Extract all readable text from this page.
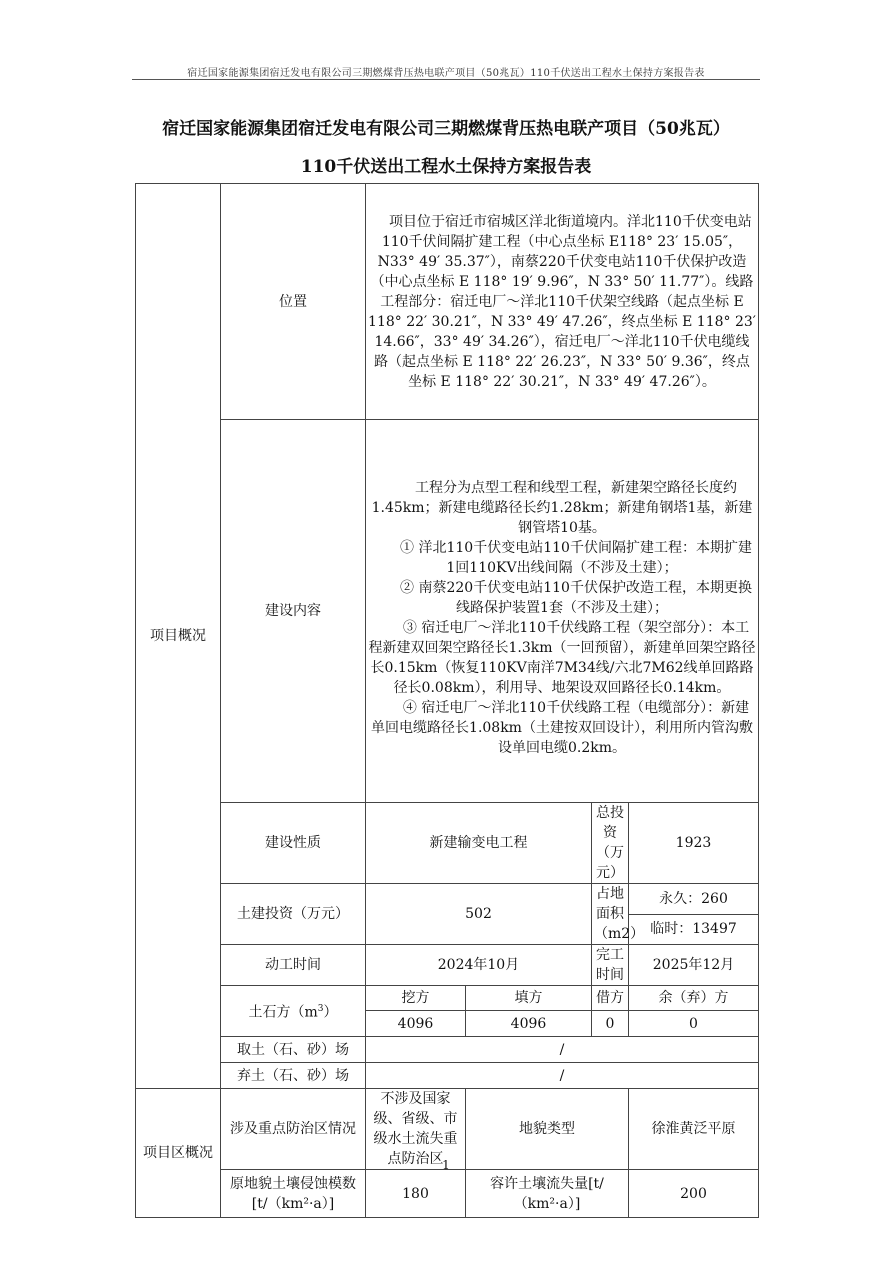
宿迁国家能源集团宿迁发电有限公司三期燃煤背压热电联产项目（50兆瓦）110千伏送出工程水土保持方案报告表
宿迁国家能源集团宿迁发电有限公司三期燃煤背压热电联产项目（50兆瓦）
110千伏送出工程水土保持方案报告表
项目概况	位置	项目位于宿迁市宿城区洋北街道境内。洋北110千伏变电站110千伏间隔扩建工程（中心点坐标 E118° 23′ 15.05″，N33° 49′ 35.37″），南蔡220千伏变电站110千伏保护改造（中心点坐标 E 118° 19′ 9.96″，N 33° 50′ 11.77″）。线路工程部分：宿迁电厂～洋北110千伏架空线路（起点坐标 E 118° 22′ 30.21″，N 33° 49′ 47.26″，终点坐标 E 118° 23′ 14.66″，33° 49′ 34.26″），宿迁电厂～洋北110千伏电缆线路（起点坐标 E 118° 22′ 26.23″，N 33° 50′ 9.36″，终点坐标 E 118° 22′ 30.21″，N 33° 49′ 47.26″）。			

	建设内容	工程分为点型工程和线型工程，新建架空路径长度约1.45km；新建电缆路径长约1.28km；新建角钢塔1基，新建钢管塔10基。

① 洋北110千伏变电站110千伏间隔扩建工程：本期扩建1回110KV出线间隔（不涉及土建）；

② 南蔡220千伏变电站110千伏保护改造工程，本期更换线路保护装置1套（不涉及土建）；

③ 宿迁电厂～洋北110千伏线路工程（架空部分）：本工程新建双回架空路径长1.3km（一回预留），新建单回架空路径长0.15km（恢复110KV南洋7M34线/六北7M62线单回路路径长0.08km），利用导、地架设双回路径长0.14km。

④ 宿迁电厂～洋北110千伏线路工程（电缆部分）：新建单回电缆路径长1.08km（土建按双回设计），利用所内管沟敷设单回电缆0.2km。			

	建设性质	新建输变电工程		总投资（万元）	1923
	土建投资（万元）	502		占地面积（m2）	永久：260
					临时：13497
	动工时间	2024年10月		完工时间	2025年12月
	土石方$(m^3)$	挖方	填方	借方	余（弃）方
		4096	4096	0	0
	取土（石、砂）场	/			
	弃土（石、砂）场	/			
项目区概况	涉及重点防治区情况	不涉及国家级、省级、市级水土流失重点防治区	地貌类型		徐淮黄泛平原
	原地貌土壤侵蚀模数[t/（km²·a）]	180	容许土壤流失量[t/（km²·a）]		200
1
